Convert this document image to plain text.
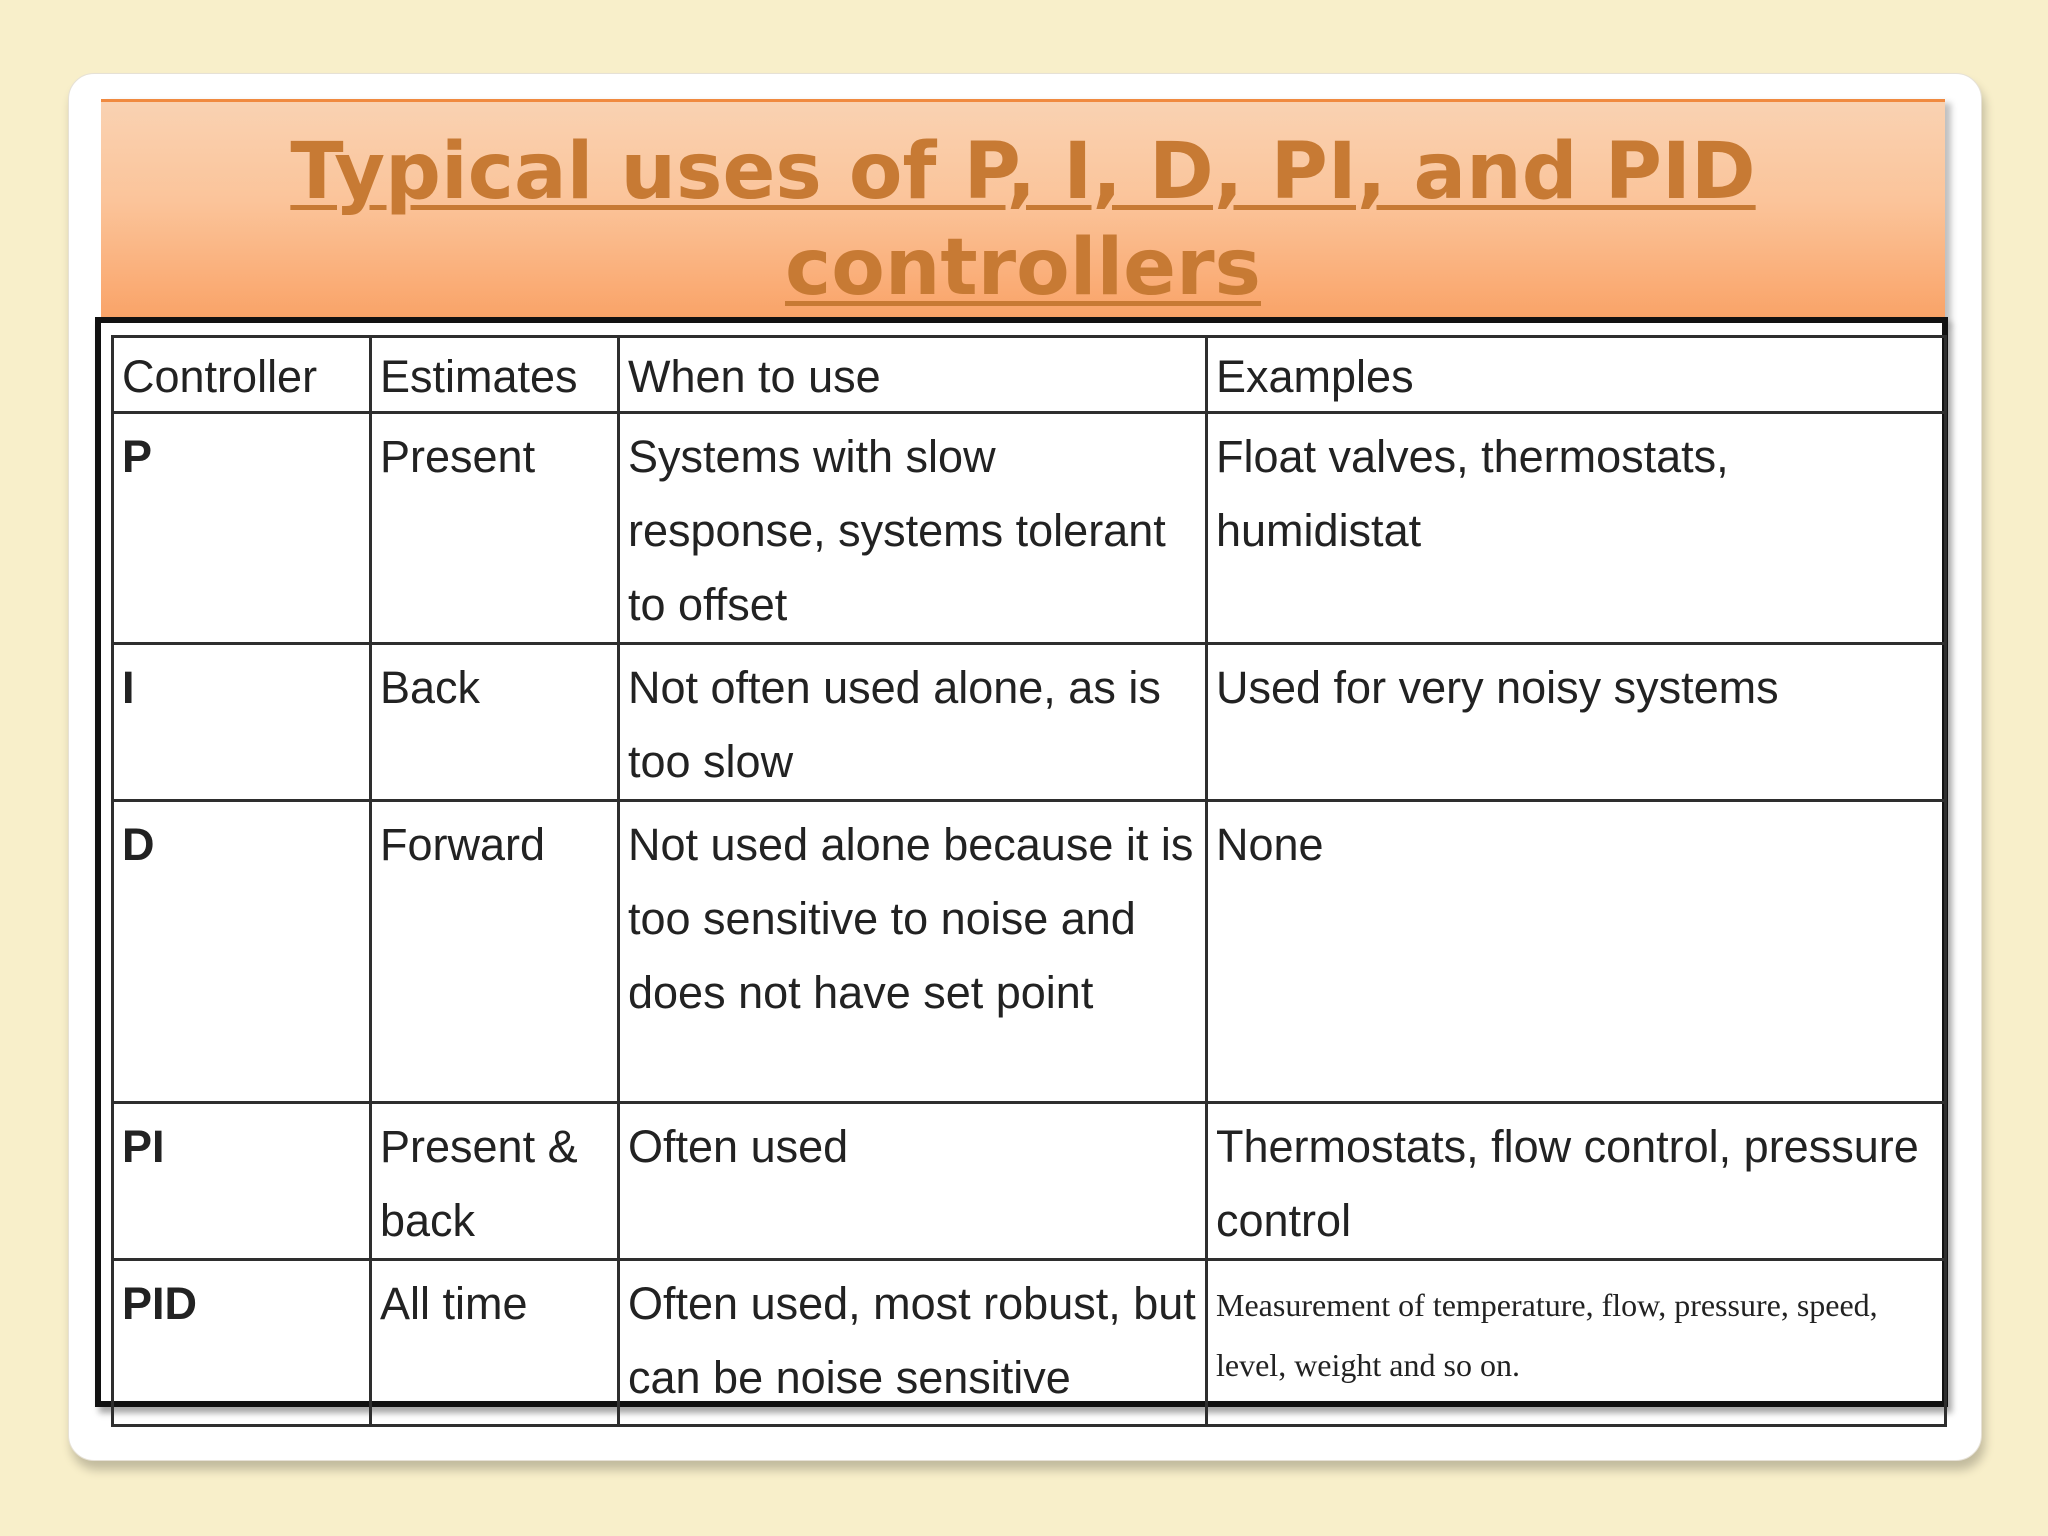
Typical uses of P, I, D, PI, and PID controllers
Controller	Estimates	When to use	Examples
P	Present	Systems with slow response, systems tolerant to offset	Float valves, thermostats, humidistat
I	Back	Not often used alone, as is too slow	Used for very noisy systems
D	Forward	Not used alone because it is too sensitive to noise and does not have set point	None
PI	Present & back	Often used	Thermostats, flow control, pressure control
PID	All time	Often used, most robust, but can be noise sensitive	Measurement of temperature, flow, pressure, speed, level, weight and so on.
